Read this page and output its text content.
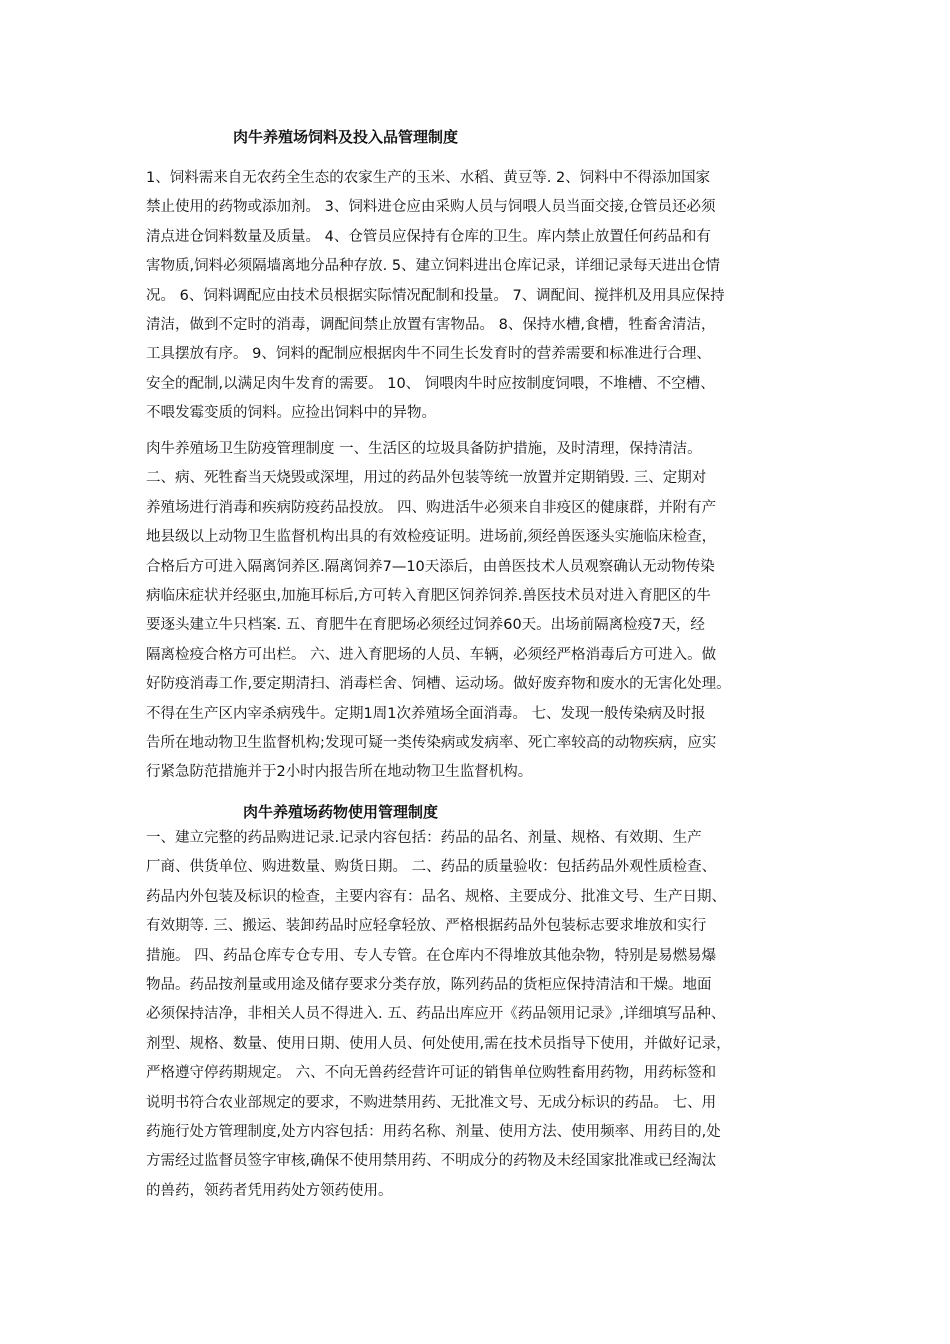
肉牛养殖场饲料及投入品管理制度
1、饲料需来自无农药全生态的农家生产的玉米、水稻、黄豆等. 2、饲料中不得添加国家
禁止使用的药物或添加剂。 3、饲料进仓应由采购人员与饲喂人员当面交接,仓管员还必须
清点进仓饲料数量及质量。 4、仓管员应保持有仓库的卫生。库内禁止放置任何药品和有
害物质,饲料必须隔墙离地分品种存放. 5、建立饲料进出仓库记录，详细记录每天进出仓情
况。 6、饲料调配应由技术员根据实际情况配制和投量。 7、调配间、搅拌机及用具应保持
清洁，做到不定时的消毒，调配间禁止放置有害物品。 8、保持水槽,食槽，牲畜舍清洁，
工具摆放有序。 9、饲料的配制应根据肉牛不同生长发育时的营养需要和标准进行合理、
安全的配制,以满足肉牛发育的需要。 10、 饲喂肉牛时应按制度饲喂，不堆槽、不空槽、
不喂发霉变质的饲料。应捡出饲料中的异物。
肉牛养殖场卫生防疫管理制度 一、生活区的垃圾具备防护措施，及时清理，保持清洁。
二、病、死牲畜当天烧毁或深埋，用过的药品外包装等统一放置并定期销毁. 三、定期对
养殖场进行消毒和疾病防疫药品投放。 四、购进活牛必须来自非疫区的健康群，并附有产
地县级以上动物卫生监督机构出具的有效检疫证明。进场前,须经兽医逐头实施临床检查，
合格后方可进入隔离饲养区.隔离饲养7—10天添后，由兽医技术人员观察确认无动物传染
病临床症状并经驱虫,加施耳标后,方可转入育肥区饲养饲养.兽医技术员对进入育肥区的牛
要逐头建立牛只档案. 五、育肥牛在育肥场必须经过饲养60天。出场前隔离检疫7天，经
隔离检疫合格方可出栏。 六、进入育肥场的人员、车辆，必须经严格消毒后方可进入。做
好防疫消毒工作,要定期清扫、消毒栏舍、饲槽、运动场。做好废弃物和废水的无害化处理。
不得在生产区内宰杀病残牛。定期1周1次养殖场全面消毒。 七、发现一般传染病及时报
告所在地动物卫生监督机构;发现可疑一类传染病或发病率、死亡率较高的动物疾病，应实
行紧急防范措施并于2小时内报告所在地动物卫生监督机构。
肉牛养殖场药物使用管理制度
一、建立完整的药品购进记录.记录内容包括：药品的品名、剂量、规格、有效期、生产
厂商、供货单位、购进数量、购货日期。 二、药品的质量验收：包括药品外观性质检查、
药品内外包装及标识的检查，主要内容有：品名、规格、主要成分、批准文号、生产日期、
有效期等. 三、搬运、装卸药品时应轻拿轻放、严格根据药品外包装标志要求堆放和实行
措施。 四、药品仓库专仓专用、专人专管。在仓库内不得堆放其他杂物，特别是易燃易爆
物品。药品按剂量或用途及储存要求分类存放，陈列药品的货柜应保持清洁和干燥。地面
必须保持洁净，非相关人员不得进入. 五、药品出库应开《药品领用记录》,详细填写品种、
剂型、规格、数量、使用日期、使用人员、何处使用,需在技术员指导下使用，并做好记录，
严格遵守停药期规定。 六、不向无兽药经营许可证的销售单位购牲畜用药物，用药标签和
说明书符合农业部规定的要求，不购进禁用药、无批准文号、无成分标识的药品。 七、用
药施行处方管理制度,处方内容包括：用药名称、剂量、使用方法、使用频率、用药目的,处
方需经过监督员签字审核,确保不使用禁用药、不明成分的药物及未经国家批准或已经淘汰
的兽药，领药者凭用药处方领药使用。
